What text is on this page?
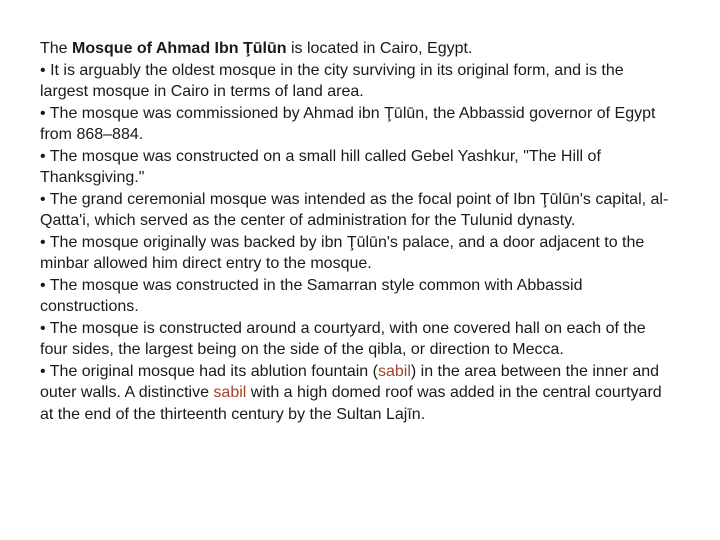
The Mosque of Ahmad Ibn Ţūlūn is located in Cairo, Egypt.

• It is arguably the oldest mosque in the city surviving in its original form, and is the largest mosque in Cairo in terms of land area.

• The mosque was commissioned by Ahmad ibn Ţūlūn, the Abbassid governor of Egypt from 868–884.

• The mosque was constructed on a small hill called Gebel Yashkur, "The Hill of Thanksgiving."

• The grand ceremonial mosque was intended as the focal point of Ibn Ţūlūn's capital, al-Qatta'i, which served as the center of administration for the Tulunid dynasty.

• The mosque originally was backed by ibn Ţūlūn's palace, and a door adjacent to the minbar allowed him direct entry to the mosque.

• The mosque was constructed in the Samarran style common with Abbassid constructions.

• The mosque is constructed around a courtyard, with one covered hall on each of the four sides, the largest being on the side of the qibla, or direction to Mecca.

• The original mosque had its ablution fountain (sabil) in the area between the inner and outer walls. A distinctive sabil with a high domed roof was added in the central courtyard at the end of the thirteenth century by the Sultan Lajīn.
